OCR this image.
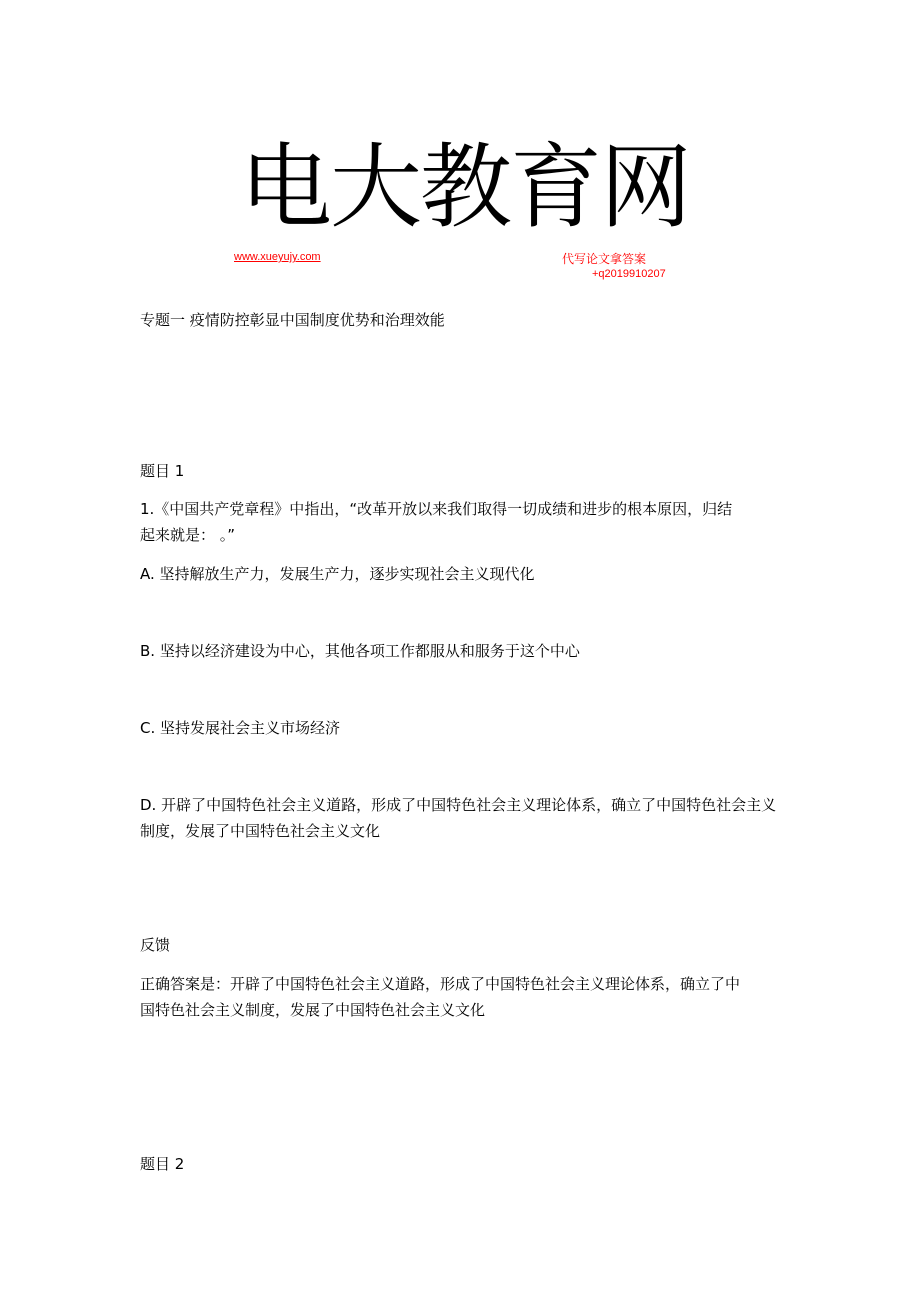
电大教育网
www.xueyujy.com	代写论文拿答案
+q2019910207
专题一 疫情防控彰显中国制度优势和治理效能
题目 1
1.《中国共产党章程》中指出，“改革开放以来我们取得一切成绩和进步的根本原因，归结
起来就是： 。”
A. 坚持解放生产力，发展生产力，逐步实现社会主义现代化
B. 坚持以经济建设为中心，其他各项工作都服从和服务于这个中心
C. 坚持发展社会主义市场经济
D. 开辟了中国特色社会主义道路，形成了中国特色社会主义理论体系，确立了中国特色社会主义制度，发展了中国特色社会主义文化
反馈
正确答案是：开辟了中国特色社会主义道路，形成了中国特色社会主义理论体系，确立了中
国特色社会主义制度，发展了中国特色社会主义文化
题目 2
